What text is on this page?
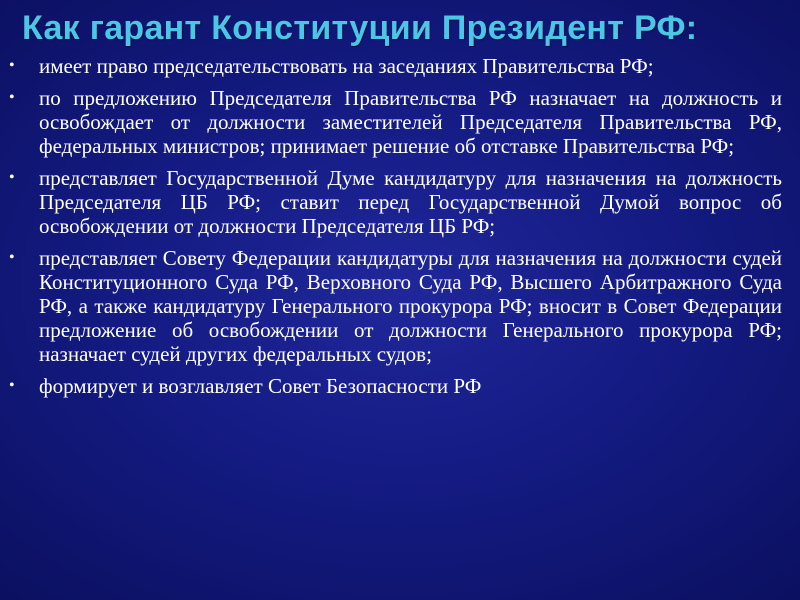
Как гарант Конституции Президент РФ:
• имеет право председательствовать на заседаниях Правительства РФ;
• по предложению Председателя Правительства РФ назначает на должность и освобождает от должности заместителей Председателя Правительства РФ, федеральных министров; принимает решение об отставке Правительства РФ;
• представляет Государственной Думе кандидатуру для назначения на должность Председателя ЦБ РФ; ставит перед Государственной Думой вопрос об освобождении от должности Председателя ЦБ РФ;
• представляет Совету Федерации кандидатуры для назначения на должности судей Конституционного Суда РФ, Верховного Суда РФ, Высшего Арбитражного Суда РФ, а также кандидатуру Генерального прокурора РФ; вносит в Совет Федерации предложение об освобождении от должности Генерального прокурора РФ; назначает судей других федеральных судов;
• формирует и возглавляет Совет Безопасности РФ
